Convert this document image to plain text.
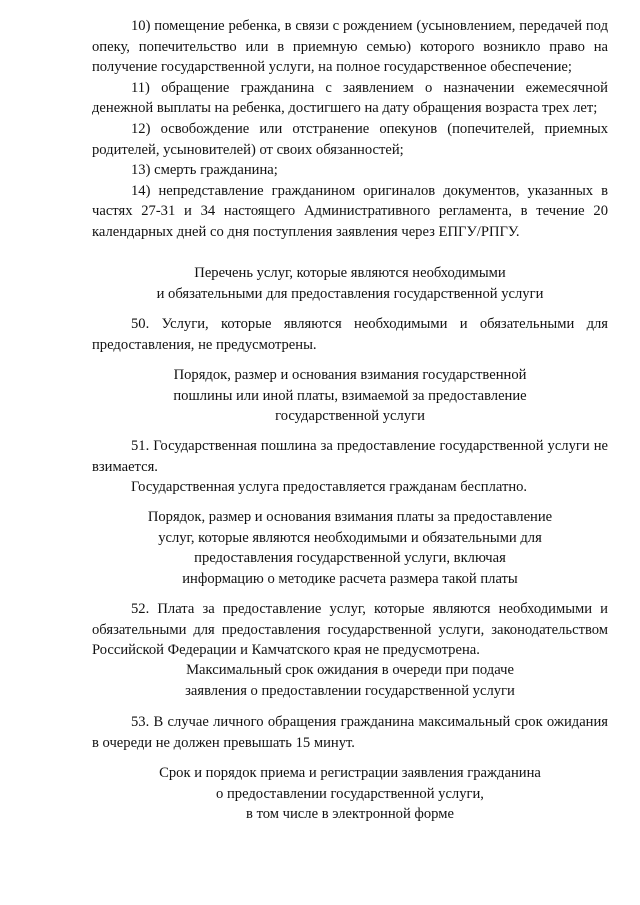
10) помещение ребенка, в связи с рождением (усыновлением, передачей под опеку, попечительство или в приемную семью) которого возникло право на получение государственной услуги, на полное государственное обеспечение;

11) обращение гражданина с заявлением о назначении ежемесячной денежной выплаты на ребенка, достигшего на дату обращения возраста трех лет;

12) освобождение или отстранение опекунов (попечителей, приемных родителей, усыновителей) от своих обязанностей;

13) смерть гражданина;

14) непредставление гражданином оригиналов документов, указанных в частях 27-31 и 34 настоящего Административного регламента, в течение 20 календарных дней со дня поступления заявления через ЕПГУ/РПГУ.

Перечень услуг, которые являются необходимыми

и обязательными для предоставления государственной услуги

50. Услуги, которые являются необходимыми и обязательными для предоставления, не предусмотрены.

Порядок, размер и основания взимания государственной

пошлины или иной платы, взимаемой за предоставление

государственной услуги

51. Государственная пошлина за предоставление государственной услуги не взимается.

Государственная услуга предоставляется гражданам бесплатно.

Порядок, размер и основания взимания платы за предоставление

услуг, которые являются необходимыми и обязательными для

предоставления государственной услуги, включая

информацию о методике расчета размера такой платы

52. Плата за предоставление услуг, которые являются необходимыми и обязательными для предоставления государственной услуги, законодательством Российской Федерации и Камчатского края не предусмотрена.

Максимальный срок ожидания в очереди при подаче

заявления о предоставлении государственной услуги

53. В случае личного обращения гражданина максимальный срок ожидания в очереди не должен превышать 15 минут.

Срок и порядок приема и регистрации заявления гражданина

о предоставлении государственной услуги,

в том числе в электронной форме
